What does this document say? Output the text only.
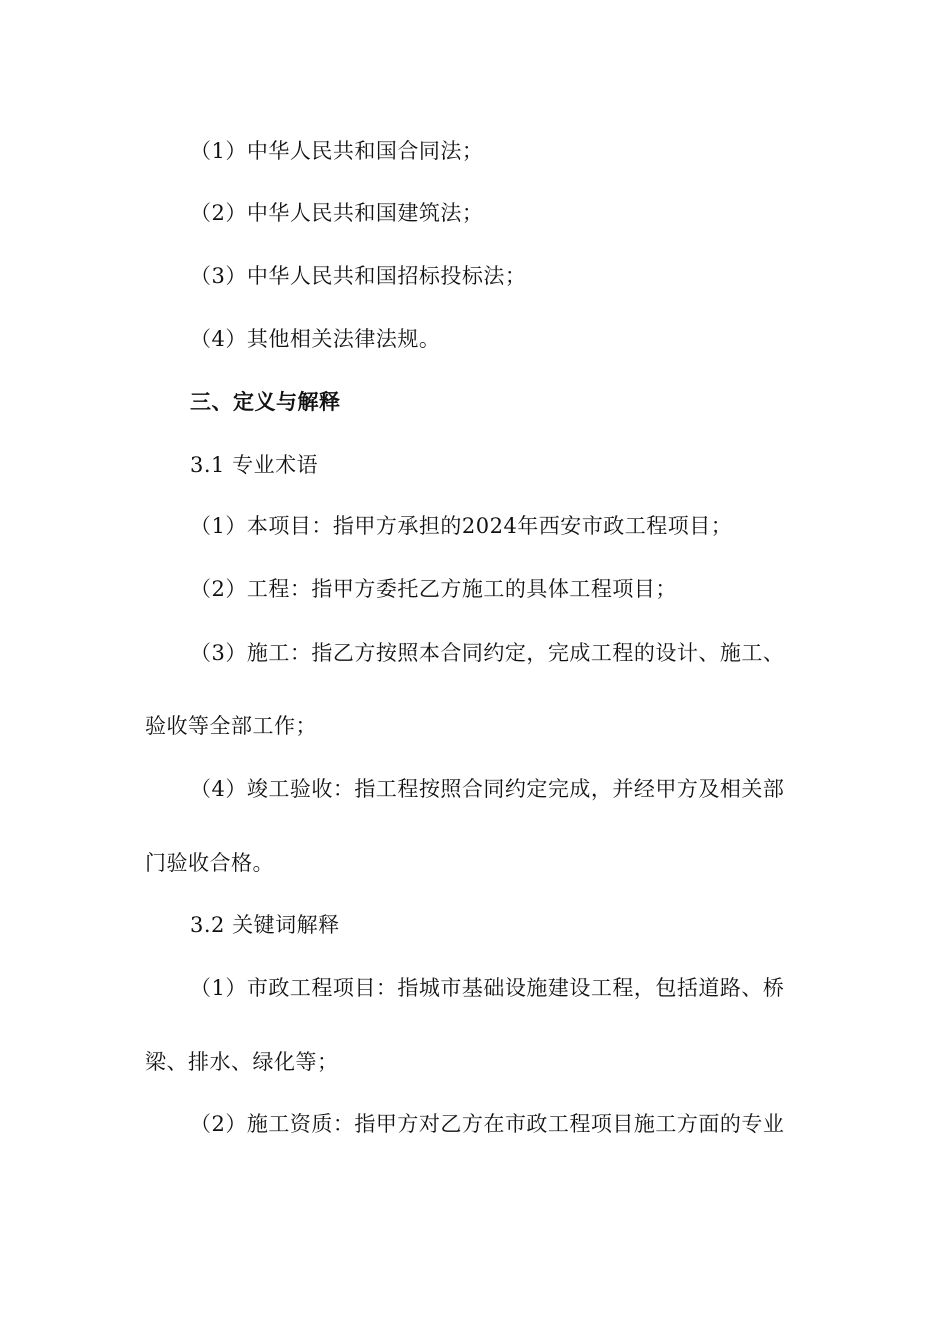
（1）中华人民共和国合同法；
（2）中华人民共和国建筑法；
（3）中华人民共和国招标投标法；
（4）其他相关法律法规。
三、定义与解释
3.1 专业术语
（1）本项目：指甲方承担的2024年西安市政工程项目；
（2）工程：指甲方委托乙方施工的具体工程项目；
（3）施工：指乙方按照本合同约定，完成工程的设计、施工、
验收等全部工作；
（4）竣工验收：指工程按照合同约定完成，并经甲方及相关部
门验收合格。
3.2 关键词解释
（1）市政工程项目：指城市基础设施建设工程，包括道路、桥
梁、排水、绿化等；
（2）施工资质：指甲方对乙方在市政工程项目施工方面的专业
